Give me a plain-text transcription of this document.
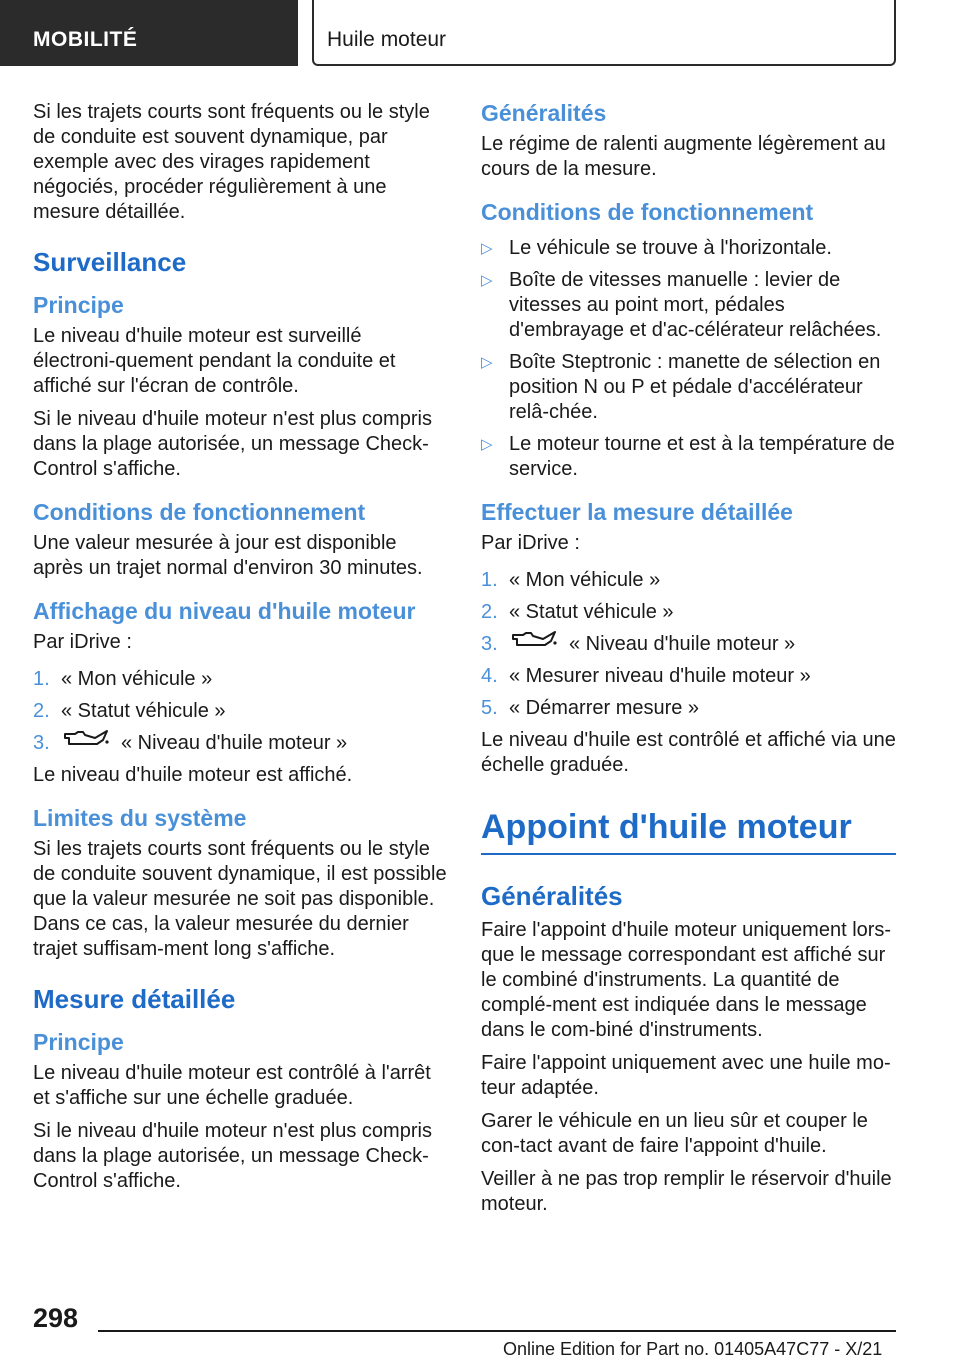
MOBILITÉ	Huile moteur

Si les trajets courts sont fréquents ou le style de conduite est souvent dynamique, par exemple avec des virages rapidement négociés, procéder régulièrement à une mesure détaillée.

Surveillance
Principe

Le niveau d'huile moteur est surveillé électroni-quement pendant la conduite et affiché sur l'écran de contrôle.

Si le niveau d'huile moteur n'est plus compris dans la plage autorisée, un message Check-Control s'affiche.

Conditions de fonctionnement

Une valeur mesurée à jour est disponible après un trajet normal d'environ 30 minutes.

Affichage du niveau d'huile moteur

Par iDrive :

1. « Mon véhicule »
2. « Statut véhicule »
3.	« Niveau d'huile moteur »

Le niveau d'huile moteur est affiché.

Limites du système

Si les trajets courts sont fréquents ou le style de conduite souvent dynamique, il est possible que la valeur mesurée ne soit pas disponible. Dans ce cas, la valeur mesurée du dernier trajet suffisam-ment long s'affiche.

Mesure détaillée
Principe

Le niveau d'huile moteur est contrôlé à l'arrêt et s'affiche sur une échelle graduée.

Si le niveau d'huile moteur n'est plus compris dans la plage autorisée, un message Check-Control s'affiche.

Généralités

Le régime de ralenti augmente légèrement au cours de la mesure.

Conditions de fonctionnement
▷ Le véhicule se trouve à l'horizontale.
▷ Boîte de vitesses manuelle : levier de vitesses au point mort, pédales d'embrayage et d'ac-célérateur relâchées.
▷ Boîte Steptronic : manette de sélection en position N ou P et pédale d'accélérateur relâ-chée.
▷ Le moteur tourne et est à la température de service.
Effectuer la mesure détaillée

Par iDrive :

1. « Mon véhicule »
2. « Statut véhicule »
3.	« Niveau d'huile moteur »
4. « Mesurer niveau d'huile moteur »
5. « Démarrer mesure »

Le niveau d'huile est contrôlé et affiché via une échelle graduée.

Appoint d'huile moteur
Généralités

Faire l'appoint d'huile moteur uniquement lors-que le message correspondant est affiché sur le combiné d'instruments. La quantité de complé-ment est indiquée dans le message dans le com-biné d'instruments.

Faire l'appoint uniquement avec une huile mo-teur adaptée.

Garer le véhicule en un lieu sûr et couper le con-tact avant de faire l'appoint d'huile.

Veiller à ne pas trop remplir le réservoir d'huile moteur.

298
Online Edition for Part no. 01405A47C77 - X/21
